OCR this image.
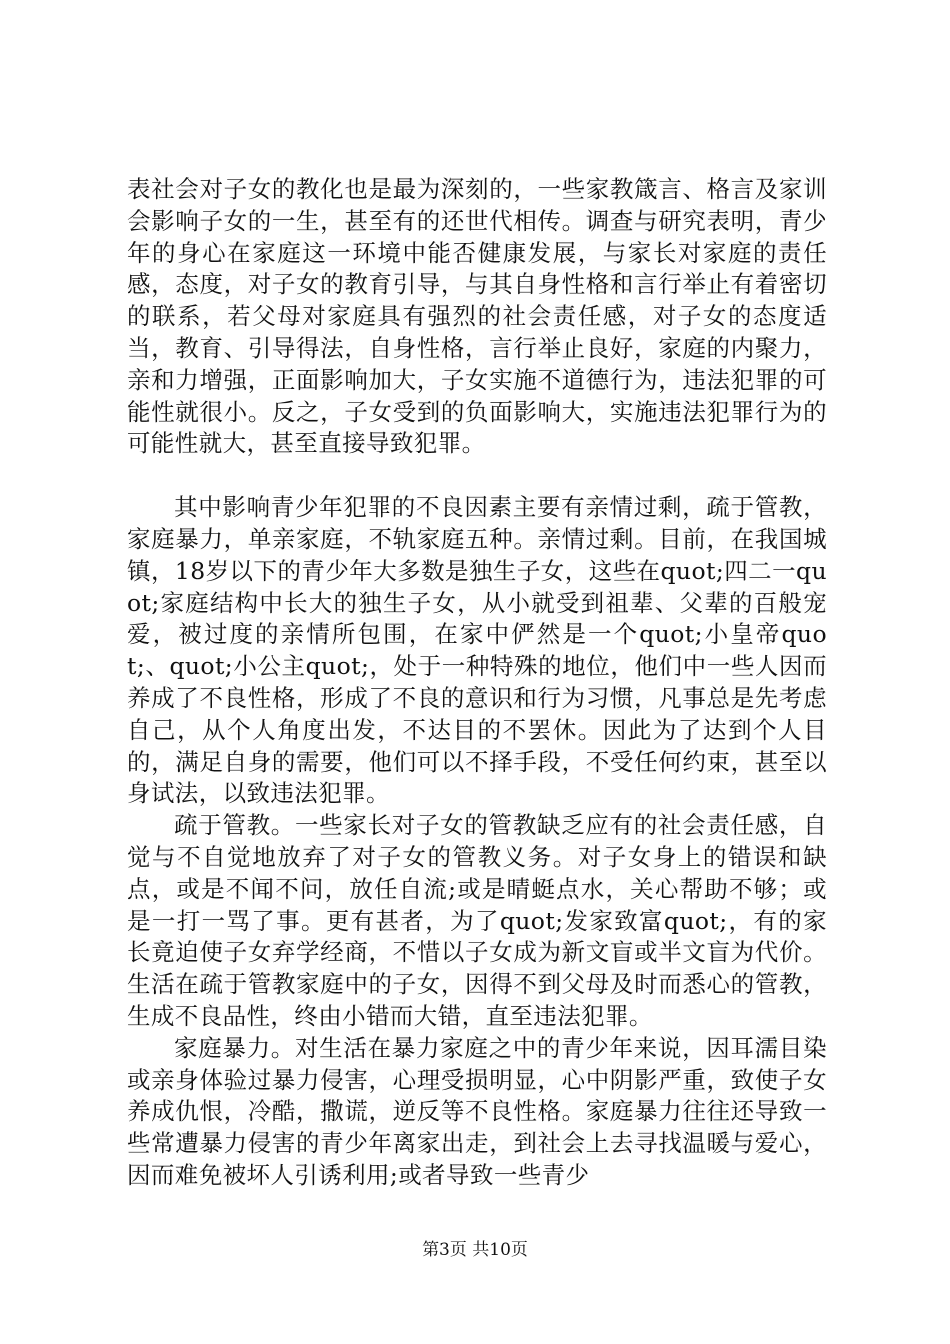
表社会对子女的教化也是最为深刻的，一些家教箴言、格言及家训会影响子女的一生，甚至有的还世代相传。调查与研究表明，青少年的身心在家庭这一环境中能否健康发展，与家长对家庭的责任感，态度，对子女的教育引导，与其自身性格和言行举止有着密切的联系，若父母对家庭具有强烈的社会责任感，对子女的态度适当，教育、引导得法，自身性格，言行举止良好，家庭的内聚力，亲和力增强，正面影响加大，子女实施不道德行为，违法犯罪的可能性就很小。反之，子女受到的负面影响大，实施违法犯罪行为的可能性就大，甚至直接导致犯罪。

其中影响青少年犯罪的不良因素主要有亲情过剩，疏于管教，家庭暴力，单亲家庭，不轨家庭五种。亲情过剩。目前，在我国城镇，18岁以下的青少年大多数是独生子女，这些在quot;四二一quot;家庭结构中长大的独生子女，从小就受到祖辈、父辈的百般宠爱，被过度的亲情所包围，在家中俨然是一个quot;小皇帝quot;、quot;小公主quot;，处于一种特殊的地位，他们中一些人因而养成了不良性格，形成了不良的意识和行为习惯，凡事总是先考虑自己，从个人角度出发，不达目的不罢休。因此为了达到个人目的，满足自身的需要，他们可以不择手段，不受任何约束，甚至以身试法，以致违法犯罪。

疏于管教。一些家长对子女的管教缺乏应有的社会责任感，自觉与不自觉地放弃了对子女的管教义务。对子女身上的错误和缺点，或是不闻不问，放任自流;或是晴蜓点水，关心帮助不够；或是一打一骂了事。更有甚者，为了quot;发家致富quot;，有的家长竟迫使子女弃学经商，不惜以子女成为新文盲或半文盲为代价。生活在疏于管教家庭中的子女，因得不到父母及时而悉心的管教，生成不良品性，终由小错而大错，直至违法犯罪。

家庭暴力。对生活在暴力家庭之中的青少年来说，因耳濡目染或亲身体验过暴力侵害，心理受损明显，心中阴影严重，致使子女养成仇恨，冷酷，撒谎，逆反等不良性格。家庭暴力往往还导致一些常遭暴力侵害的青少年离家出走，到社会上去寻找温暖与爱心，因而难免被坏人引诱利用;或者导致一些青少

第3页 共10页
